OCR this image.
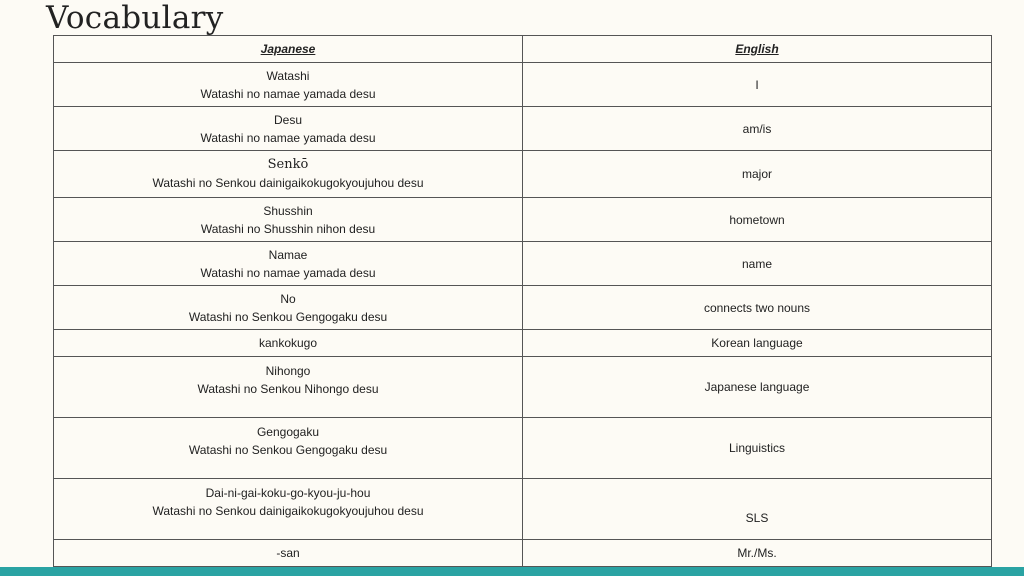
Vocabulary
Japanese	English

Watashi
Watashi no namae yamada desu	I

Desu
Watashi no namae yamada desu	am/is

Senkō
Watashi no Senkou dainigaikokugokyoujuhou desu	major

Shusshin
Watashi no Shusshin nihon desu	hometown

Namae
Watashi no namae yamada desu	name

No
Watashi no Senkou Gengogaku desu	connects two nouns

kankokugo	Korean language

Nihongo
Watashi no Senkou Nihongo desu	Japanese language

Gengogaku
Watashi no Senkou Gengogaku desu	Linguistics

Dai-ni-gai-koku-go-kyou-ju-hou
Watashi no Senkou dainigaikokugokyoujuhou desu	SLS

-san	Mr./Ms.
